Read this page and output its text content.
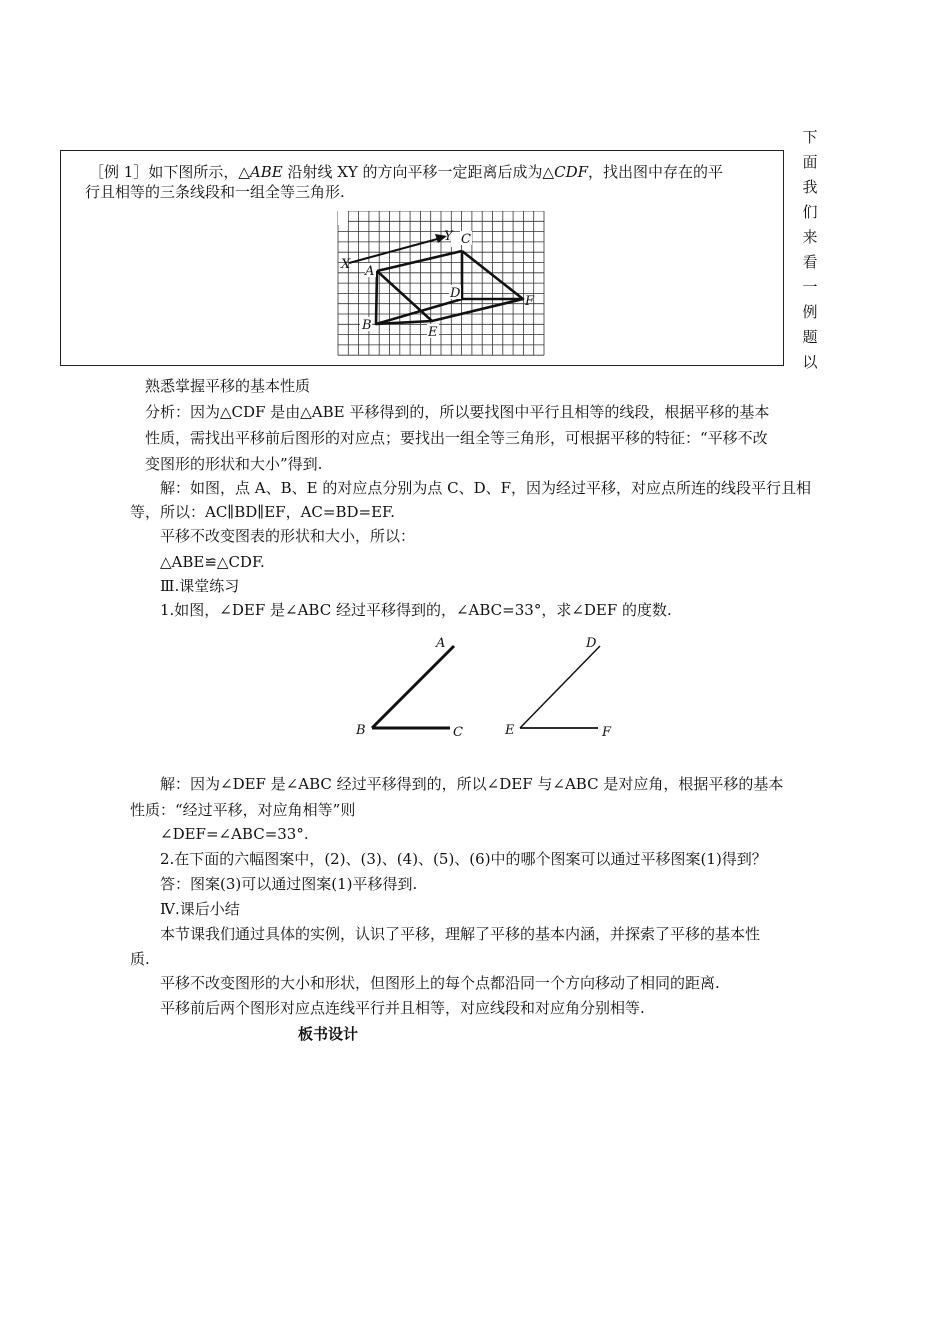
下
面
我
们
来
看
一
例
题
以
［例 1］如下图所示，△ABE 沿射线 XY 的方向平移一定距离后成为△CDF，找出图中存在的平
行且相等的三条线段和一组全等三角形.
X
Y
A
B
C
D
E
F
熟悉掌握平移的基本性质
分析：因为△CDF 是由△ABE 平移得到的，所以要找图中平行且相等的线段，根据平移的基本
性质，需找出平移前后图形的对应点；要找出一组全等三角形，可根据平移的特征：“平移不改
变图形的形状和大小”得到.
解：如图，点 A、B、E 的对应点分别为点 C、D、F，因为经过平移，对应点所连的线段平行且相
等，所以：AC∥BD∥EF，AC=BD=EF.
平移不改变图表的形状和大小，所以：
△ABE≌△CDF.
Ⅲ.课堂练习
1.如图，∠DEF 是∠ABC 经过平移得到的，∠ABC=33°，求∠DEF 的度数.
A
B	C
D
E	F
解：因为∠DEF 是∠ABC 经过平移得到的，所以∠DEF 与∠ABC 是对应角，根据平移的基本
性质：“经过平移，对应角相等”则
∠DEF=∠ABC=33°.
2.在下面的六幅图案中，(2)、(3)、(4)、(5)、(6)中的哪个图案可以通过平移图案(1)得到？
答：图案(3)可以通过图案(1)平移得到.
Ⅳ.课后小结
本节课我们通过具体的实例，认识了平移，理解了平移的基本内涵，并探索了平移的基本性
质.
平移不改变图形的大小和形状，但图形上的每个点都沿同一个方向移动了相同的距离.
平移前后两个图形对应点连线平行并且相等，对应线段和对应角分别相等.
板书设计
